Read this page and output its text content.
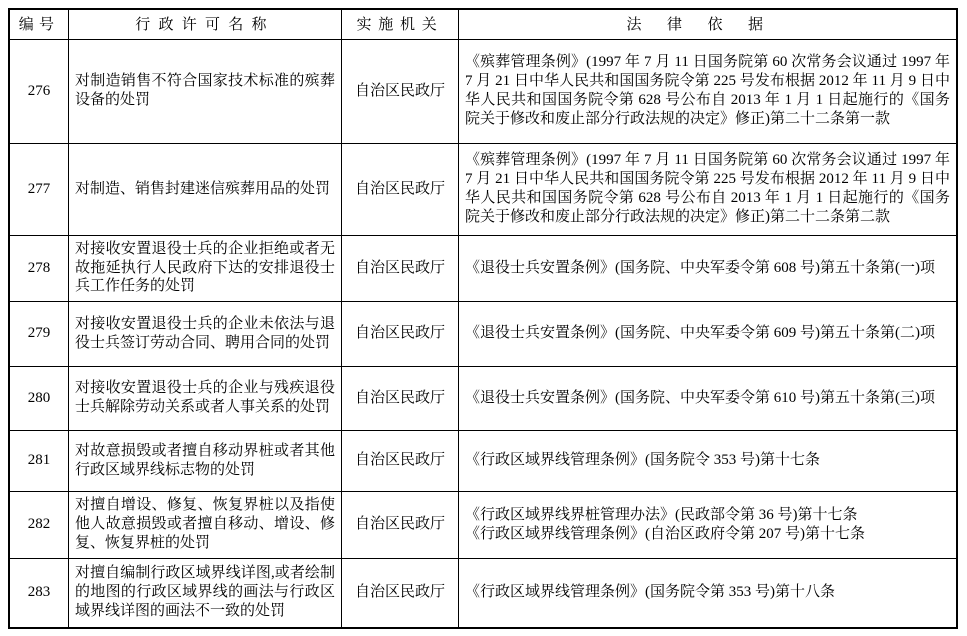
编号	行政许可名称	实施机关	法律依据
276	对制造销售不符合国家技术标准的殡葬设备的处罚	自治区民政厅	《殡葬管理条例》(1997 年 7 月 11 日国务院第 60 次常务会议通过 1997 年 7 月 21 日中华人民共和国国务院令第 225 号发布根据 2012 年 11 月 9 日中华人民共和国国务院令第 628 号公布自 2013 年 1 月 1 日起施行的《国务院关于修改和废止部分行政法规的决定》修正)第二十二条第一款

277	对制造、销售封建迷信殡葬用品的处罚	自治区民政厅	《殡葬管理条例》(1997 年 7 月 11 日国务院第 60 次常务会议通过 1997 年 7 月 21 日中华人民共和国国务院令第 225 号发布根据 2012 年 11 月 9 日中华人民共和国国务院令第 628 号公布自 2013 年 1 月 1 日起施行的《国务院关于修改和废止部分行政法规的决定》修正)第二十二条第二款

278	对接收安置退役士兵的企业拒绝或者无故拖延执行人民政府下达的安排退役士兵工作任务的处罚	自治区民政厅	《退役士兵安置条例》(国务院、中央军委令第 608 号)第五十条第(一)项

279	对接收安置退役士兵的企业未依法与退役士兵签订劳动合同、聘用合同的处罚	自治区民政厅	《退役士兵安置条例》(国务院、中央军委令第 609 号)第五十条第(二)项

280	对接收安置退役士兵的企业与残疾退役士兵解除劳动关系或者人事关系的处罚	自治区民政厅	《退役士兵安置条例》(国务院、中央军委令第 610 号)第五十条第(三)项

281	对故意损毁或者擅自移动界桩或者其他行政区域界线标志物的处罚	自治区民政厅	《行政区域界线管理条例》(国务院令 353 号)第十七条

282	对擅自增设、修复、恢复界桩以及指使他人故意损毁或者擅自移动、增设、修复、恢复界桩的处罚	自治区民政厅	《行政区域界线界桩管理办法》(民政部令第 36 号)第十七条
《行政区域界线管理条例》(自治区政府令第 207 号)第十七条

283	对擅自编制行政区域界线详图,或者绘制的地图的行政区域界线的画法与行政区域界线详图的画法不一致的处罚	自治区民政厅	《行政区域界线管理条例》(国务院令第 353 号)第十八条
